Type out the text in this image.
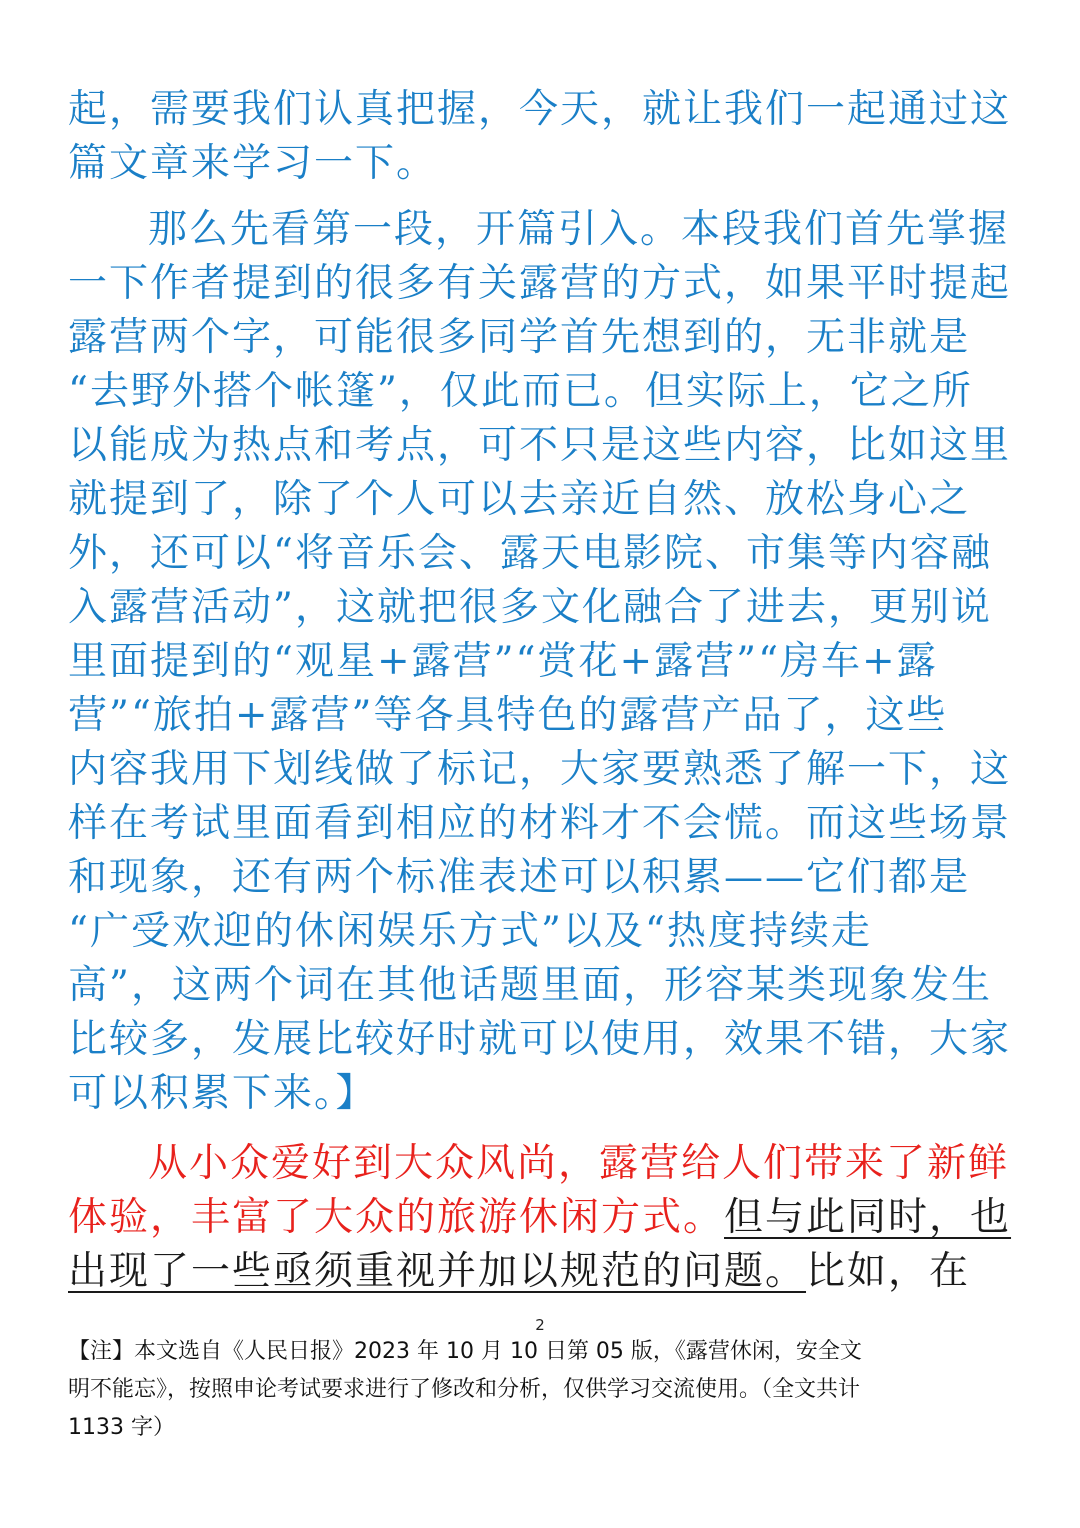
起，需要我们认真把握，今天，就让我们一起通过这
篇文章来学习一下。
那么先看第一段，开篇引入。本段我们首先掌握
一下作者提到的很多有关露营的方式，如果平时提起
露营两个字，可能很多同学首先想到的，无非就是
“去野外搭个帐篷”，仅此而已。但实际上，它之所
以能成为热点和考点，可不只是这些内容，比如这里
就提到了，除了个人可以去亲近自然、放松身心之
外，还可以“将音乐会、露天电影院、市集等内容融
入露营活动”，这就把很多文化融合了进去，更别说
里面提到的“观星+露营”“赏花+露营”“房车+露
营”“旅拍+露营”等各具特色的露营产品了，这些
内容我用下划线做了标记，大家要熟悉了解一下，这
样在考试里面看到相应的材料才不会慌。而这些场景
和现象，还有两个标准表述可以积累——它们都是
“广受欢迎的休闲娱乐方式”以及“热度持续走
高”，这两个词在其他话题里面，形容某类现象发生
比较多，发展比较好时就可以使用，效果不错，大家
可以积累下来。】
从小众爱好到大众风尚，露营给人们带来了新鲜
体验，丰富了大众的旅游休闲方式。但与此同时，也
出现了一些亟须重视并加以规范的问题。比如，在
2
【注】本文选自《人民日报》2023 年 10 月 10 日第 05 版，《露营休闲，安全文
明不能忘》，按照申论考试要求进行了修改和分析，仅供学习交流使用。（全文共计
1133 字）
